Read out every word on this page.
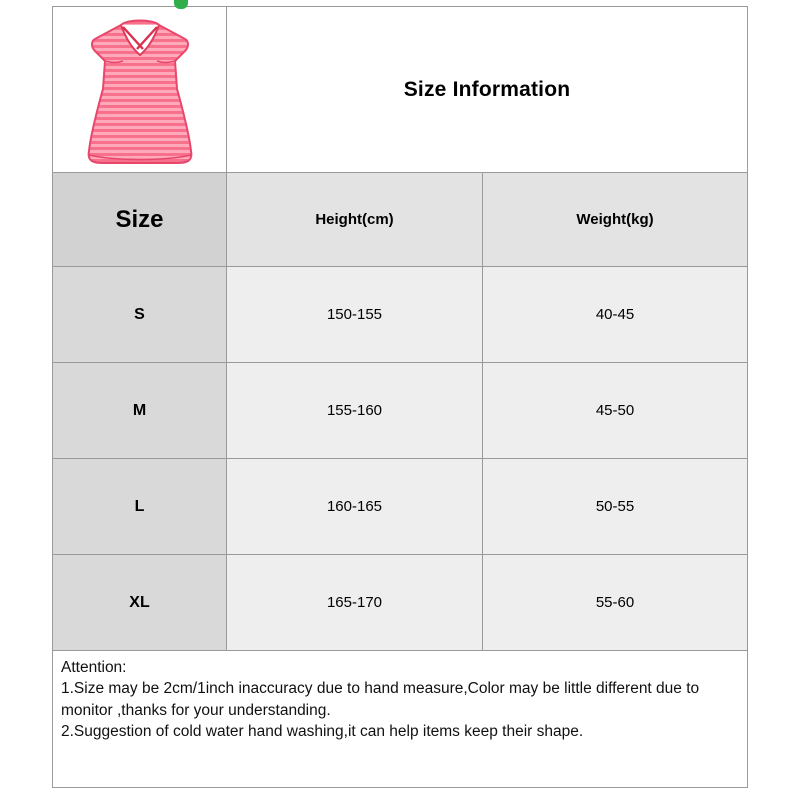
Size Information
Size	Height(cm)	Weight(kg)
S	150-155	40-45
M	155-160	45-50
L	160-165	50-55
XL	165-170	55-60

Attention:

1.Size may be 2cm/1inch inaccuracy due to hand measure,Color may be little different due to monitor ,thanks for your understanding.

2.Suggestion of cold water hand washing,it can help items keep their shape.
